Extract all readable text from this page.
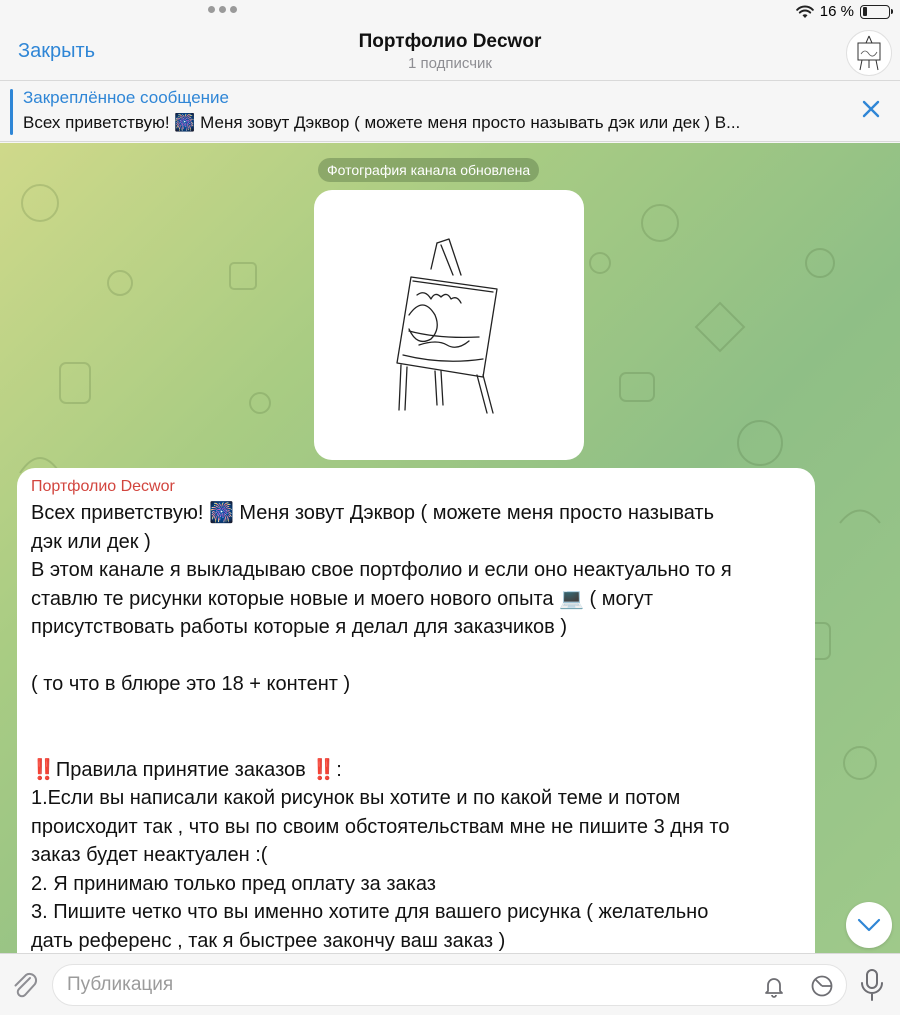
16 %
Закрыть	Портфолио Decwor
1 подписчик
Закреплённое сообщение
Всех приветствую! 🎆 Меня зовут Дэквор ( можете меня просто называть дэк или дек ) В...
Фотография канала обновлена
Портфолио Decwor
Всех приветствую! 🎆 Меня зовут Дэквор ( можете меня просто называть
дэк или дек )
В этом канале я выкладываю свое портфолио и если оно неактуально то я
ставлю те рисунки которые новые и моего нового опыта 💻 ( могут
присутствовать работы которые я делал для заказчиков )
( то что в блюре это 18 + контент )
‼️Правила принятие заказов ‼️:
1.Если вы написали какой рисунок вы хотите и по какой теме и потом
происходит так , что вы по своим обстоятельствам мне не пишите 3 дня то
заказ будет неактуален :(
2. Я принимаю только пред оплату за заказ
3. Пишите четко что вы именно хотите для вашего рисунка ( желательно
дать референс , так я быстрее закончу ваш заказ )
Публикация
